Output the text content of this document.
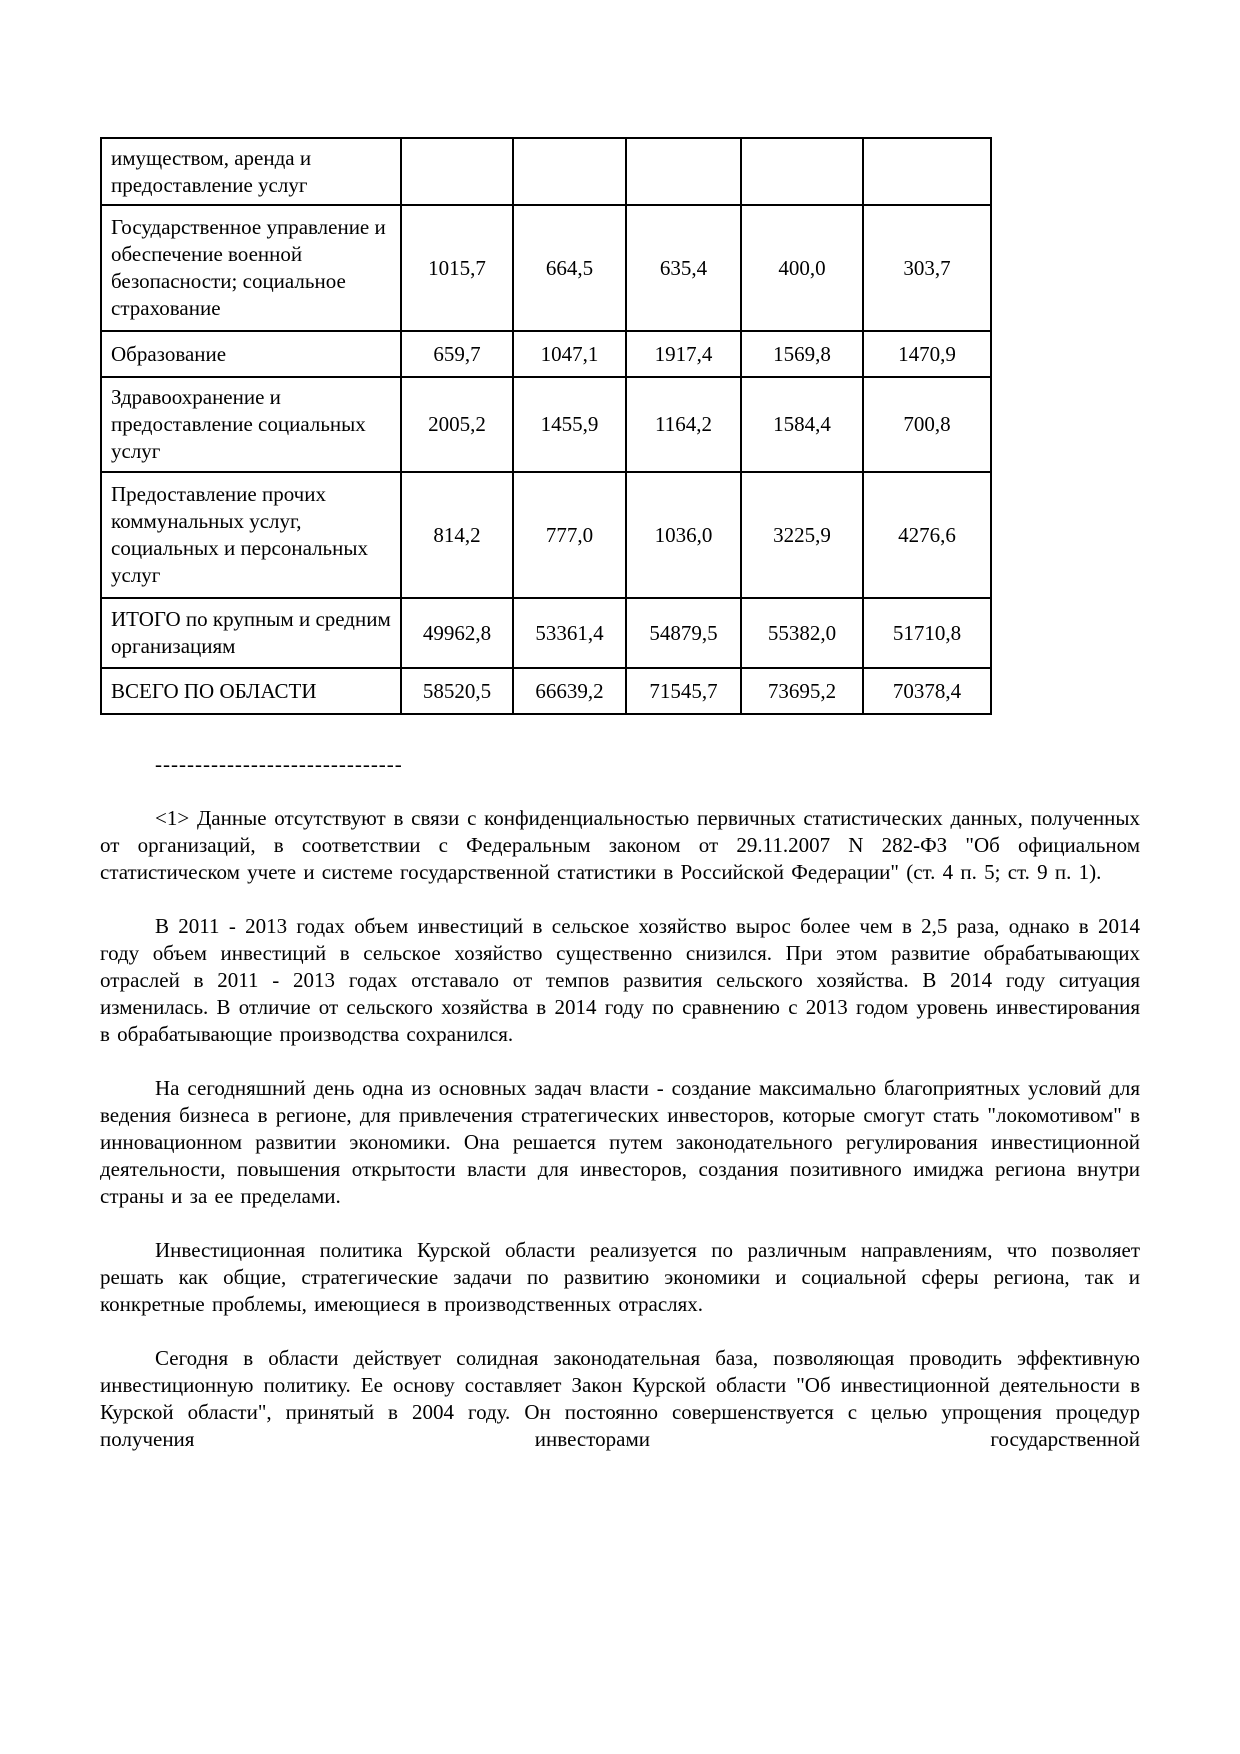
имуществом, аренда и предоставление услуг					
Государственное управление и обеспечение военной безопасности; социальное страхование	1015,7	664,5	635,4	400,0	303,7
Образование	659,7	1047,1	1917,4	1569,8	1470,9
Здравоохранение и предоставление социальных услуг	2005,2	1455,9	1164,2	1584,4	700,8
Предоставление прочих коммунальных услуг, социальных и персональных услуг	814,2	777,0	1036,0	3225,9	4276,6
ИТОГО по крупным и средним организациям	49962,8	53361,4	54879,5	55382,0	51710,8
ВСЕГО ПО ОБЛАСТИ	58520,5	66639,2	71545,7	73695,2	70378,4
-------------------------------

<1> Данные отсутствуют в связи с конфиденциальностью первичных статистических данных, полученных от организаций, в соответствии с Федеральным законом от 29.11.2007 N 282-ФЗ "Об официальном статистическом учете и системе государственной статистики в Российской Федерации" (ст. 4 п. 5; ст. 9 п. 1).

В 2011 - 2013 годах объем инвестиций в сельское хозяйство вырос более чем в 2,5 раза, однако в 2014 году объем инвестиций в сельское хозяйство существенно снизился. При этом развитие обрабатывающих отраслей в 2011 - 2013 годах отставало от темпов развития сельского хозяйства. В 2014 году ситуация изменилась. В отличие от сельского хозяйства в 2014 году по сравнению с 2013 годом уровень инвестирования в обрабатывающие производства сохранился.

На сегодняшний день одна из основных задач власти - создание максимально благоприятных условий для ведения бизнеса в регионе, для привлечения стратегических инвесторов, которые смогут стать "локомотивом" в инновационном развитии экономики. Она решается путем законодательного регулирования инвестиционной деятельности, повышения открытости власти для инвесторов, создания позитивного имиджа региона внутри страны и за ее пределами.

Инвестиционная политика Курской области реализуется по различным направлениям, что позволяет решать как общие, стратегические задачи по развитию экономики и социальной сферы региона, так и конкретные проблемы, имеющиеся в производственных отраслях.

Сегодня в области действует солидная законодательная база, позволяющая проводить эффективную инвестиционную политику. Ее основу составляет Закон Курской области "Об инвестиционной деятельности в Курской области", принятый в 2004 году. Он постоянно совершенствуется с целью упрощения процедур получения инвесторами государственной
